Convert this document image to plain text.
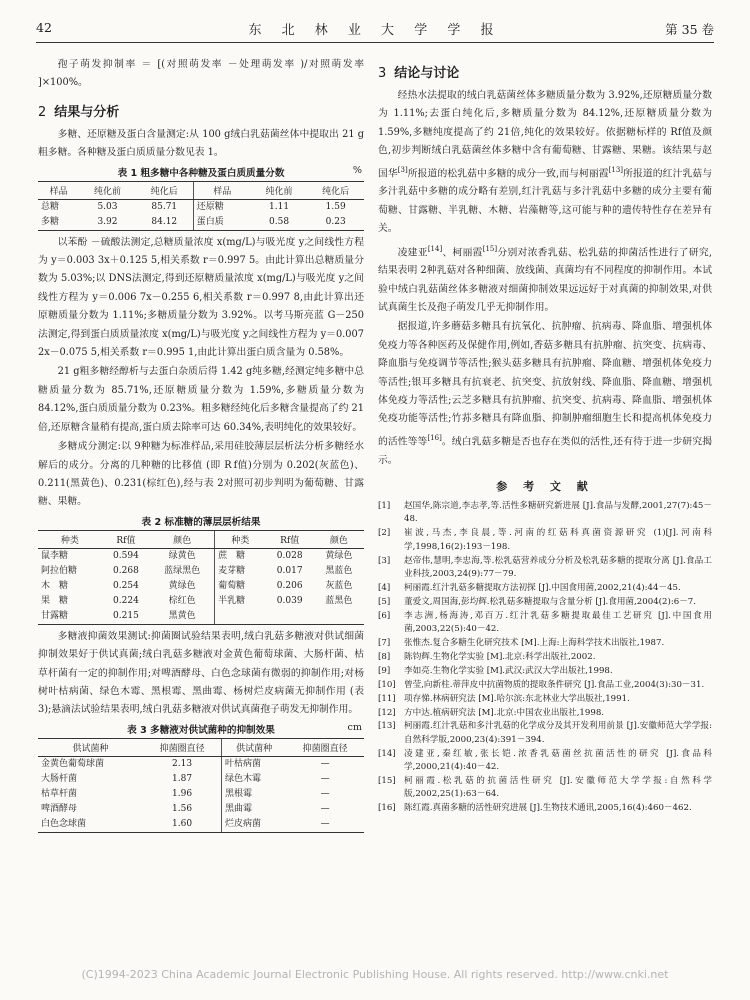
42	东 北 林 业 大 学 学 报	第 35 卷

孢子萌发抑制率 ＝ [(对照萌发率 －处理萌发率 )/对照萌发率 ]×100%。

2 结果与分析

多糖、还原糖及蛋白含量测定:从 100 g绒白乳菇菌丝体中提取出 21 g粗多糖。各种糖及蛋白质质量分数见表 1。

表 1 粗多糖中各种糖及蛋白质质量分数	%
样品	纯化前	纯化后	样品	纯化前	纯化后
总糖	5.03	85.71	还原糖	1.11	1.59
多糖	3.92	84.12	蛋白质	0.58	0.23

以苯酚 －硫酸法测定,总糖质量浓度 x(mg/L)与吸光度 y之间线性方程为 y＝0.003 3x＋0.125 5,相关系数 r＝0.997 5。由此计算出总糖质量分数为 5.03%;以 DNS法测定,得到还原糖质量浓度 x(mg/L)与吸光度 y之间线性方程为 y＝0.006 7x－0.255 6,相关系数 r＝0.997 8,由此计算出还原糖质量分数为 1.11%;多糖质量分数为 3.92%。以考马斯亮蓝 G－250法测定,得到蛋白质质量浓度 x(mg/L)与吸光度 y之间线性方程为 y＝0.007 2x－0.075 5,相关系数 r＝0.995 1,由此计算出蛋白质含量为 0.58%。

21 g粗多糖经醇析与去蛋白杂质后得 1.42 g纯多糖,经测定纯多糖中总糖质量分数为 85.71%,还原糖质量分数为 1.59%,多糖质量分数为 84.12%,蛋白质质量分数为 0.23%。粗多糖经纯化后多糖含量提高了约 21倍,还原糖含量稍有提高,蛋白质去除率可达 60.34%,表明纯化的效果较好。

多糖成分测定:以 9种糖为标准样品,采用硅胶薄层层析法分析多糖经水解后的成分。分离的几种糖的比移值 (即 R f值)分别为 0.202(灰蓝色)、0.211(黑黄色)、0.231(棕红色),经与表 2对照可初步判明为葡萄糖、甘露糖、果糖。

表 2 标准糖的薄层层析结果
种类	Rf值	颜色	种类	Rf值	颜色
鼠李糖	0.594	绿黄色	蔗　糖	0.028	黄绿色
阿拉伯糖	0.268	蓝绿黑色	麦芽糖	0.017	黑蓝色
木　糖	0.254	黄绿色	葡萄糖	0.206	灰蓝色
果　糖	0.224	棕红色	半乳糖	0.039	蓝黑色
甘露糖	0.215	黑黄色			

多糖液抑菌效果测试:抑菌圈试验结果表明,绒白乳菇多糖液对供试细菌抑制效果好于供试真菌;绒白乳菇多糖液对金黄色葡萄球菌、大肠杆菌、枯草杆菌有一定的抑制作用;对啤酒酵母、白色念球菌有微弱的抑制作用;对杨树叶枯病菌、绿色木霉、黑根霉、黑曲霉、杨树烂皮病菌无抑制作用 (表 3);悬滴法试验结果表明,绒白乳菇多糖液对供试真菌孢子萌发无抑制作用。

表 3 多糖液对供试菌种的抑制效果	cm
供试菌种	抑菌圈直径	供试菌种	抑菌圈直径
金黄色葡萄球菌	2.13	叶枯病菌	—
大肠杆菌	1.87	绿色木霉	—
枯草杆菌	1.96	黑根霉	—
啤酒酵母	1.56	黑曲霉	—
白色念球菌	1.60	烂皮病菌	—
3 结论与讨论

经热水法提取的绒白乳菇菌丝体多糖质量分数为 3.92%,还原糖质量分数为 1.11%;去蛋白纯化后,多糖质量分数为 84.12%,还原糖质量分数为 1.59%,多糖纯度提高了约 21倍,纯化的效果较好。依据糖标样的 Rf值及颜色,初步判断绒白乳菇菌丝体多糖中含有葡萄糖、甘露糖、果糖。该结果与赵国华[3]所报道的松乳菇中多糖的成分一致,而与柯丽霞[13]所报道的红汁乳菇与多汁乳菇中多糖的成分略有差别,红汁乳菇与多汁乳菇中多糖的成分主要有葡萄糖、甘露糖、半乳糖、木糖、岩藻糖等,这可能与种的遗传特性存在差异有关。

凌建亚[14]、柯丽霞[15]分别对浓香乳菇、松乳菇的抑菌活性进行了研究,结果表明 2种乳菇对各种细菌、放线菌、真菌均有不同程度的抑制作用。本试验中绒白乳菇菌丝体多糖液对细菌抑制效果远远好于对真菌的抑制效果,对供试真菌生长及孢子萌发几乎无抑制作用。

据报道,许多蘑菇多糖具有抗氧化、抗肿瘤、抗病毒、降血脂、增强机体免疫力等各种医药及保健作用,例如,香菇多糖具有抗肿瘤、抗突变、抗病毒、降血脂与免疫调节等活性;猴头菇多糖具有抗肿瘤、降血糖、增强机体免疫力等活性;银耳多糖具有抗衰老、抗突变、抗放射线、降血脂、降血糖、增强机体免疫力等活性;云芝多糖具有抗肿瘤、抗突变、抗病毒、降血脂、增强机体免疫功能等活性;竹荪多糖具有降血脂、抑制肿瘤细胞生长和提高机体免疫力的活性等等[16]。绒白乳菇多糖是否也存在类似的活性,还有待于进一步研究揭示。

参 考 文 献
[1]	赵国华,陈宗道,李志孝,等.活性多糖研究新进展 [J].食品与发酵,2001,27(7):45－48.
[2]	崔波,马杰,李良晨,等.河南的红菇科真菌资源研究 (1)[J].河南科学,1998,16(2):193－198.
[3]	赵帝伟,慧明,李忠海,等.松乳菇营养成分分析及松乳菇多糖的提取分离 [J].食品工业科技,2003,24(9):77－79.
[4]	柯丽霞.红汁乳菇多糖提取方法初探 [J].中国食用菌,2002,21(4):44－45.
[5]	董爱文,周国海,彭均辉.松乳菇多糖提取与含量分析 [J].食用菌,2004(2):6－7.
[6]	李志洲,杨海涛,邓百万.红汁乳菇多糖提取最佳工艺研究 [J].中国食用菌,2003,22(5):40－42.
[7]	张惟杰.复合多糖生化研究技术 [M].上海:上海科学技术出版社,1987.
[8]	陈钧辉.生物化学实验 [M].北京:科学出版社,2002.
[9]	李如亮.生物化学实验 [M].武汉:武汉大学出版社,1998.
[10] 曾莹,向新柱.蒂萍皮中抗菌物质的提取条件研究 [J].食品工业,2004(3):30－31.
[11] 项存悌.林病研究法 [M].哈尔滨:东北林业大学出版社,1991.
[12] 方中达.植病研究法 [M].北京:中国农业出版社,1998.
[13] 柯丽霞.红汁乳菇和多汁乳菇的化学成分及其开发利用前景 [J].安徽师范大学学报:自然科学版,2000,23(4):391－394.
[14] 凌建亚,秦红敏,张长铠.浓香乳菇菌丝抗菌活性的研究 [J].食品科学,2000,21(4):40－42.
[15] 柯丽霞.松乳菇的抗菌活性研究 [J].安徽师范大学学报:自然科学版,2002,25(1):63－64.
[16] 陈红霞.真菌多糖的活性研究进展 [J].生物技术通讯,2005,16(4):460－462.
(C)1994-2023 China Academic Journal Electronic Publishing House. All rights reserved. http://www.cnki.net
